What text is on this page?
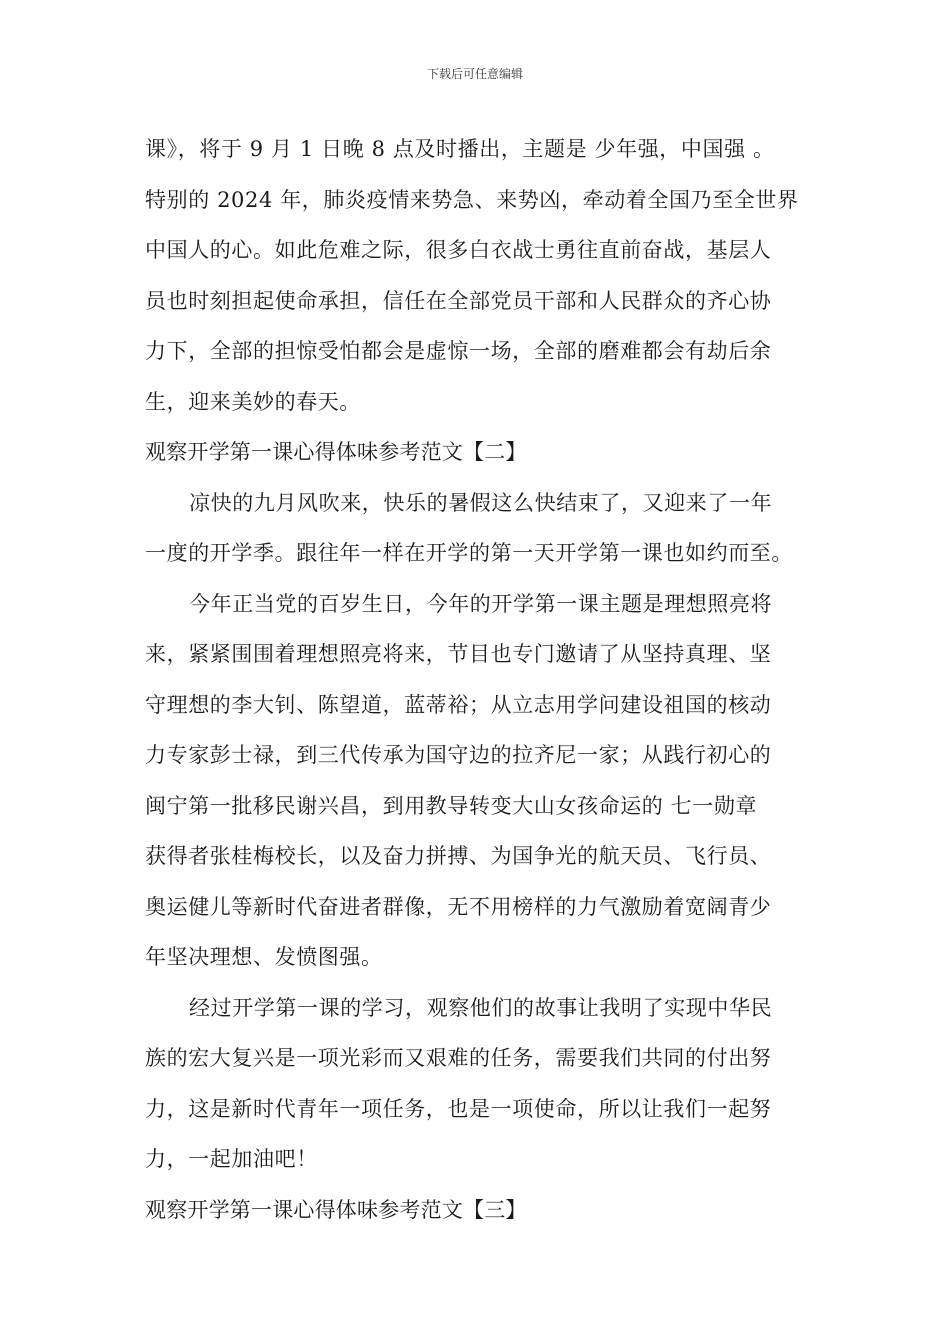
下载后可任意编辑
课》，将于 9 月 1 日晚 8 点及时播出，主题是 少年强，中国强 。
特别的 2024 年，肺炎疫情来势急、来势凶，牵动着全国乃至全世界
中国人的心。如此危难之际，很多白衣战士勇往直前奋战，基层人
员也时刻担起使命承担，信任在全部党员干部和人民群众的齐心协
力下，全部的担惊受怕都会是虚惊一场，全部的磨难都会有劫后余
生，迎来美妙的春天。
观察开学第一课心得体味参考范文【二】
凉快的九月风吹来，快乐的暑假这么快结束了，又迎来了一年
一度的开学季。跟往年一样在开学的第一天开学第一课也如约而至。
今年正当党的百岁生日，今年的开学第一课主题是理想照亮将
来，紧紧围围着理想照亮将来，节目也专门邀请了从坚持真理、坚
守理想的李大钊、陈望道，蓝蒂裕；从立志用学问建设祖国的核动
力专家彭士禄，到三代传承为国守边的拉齐尼一家；从践行初心的
闽宁第一批移民谢兴昌，到用教导转变大山女孩命运的 七一勋章
获得者张桂梅校长，以及奋力拼搏、为国争光的航天员、飞行员、
奥运健儿等新时代奋进者群像，无不用榜样的力气激励着宽阔青少
年坚决理想、发愤图强。
经过开学第一课的学习，观察他们的故事让我明了实现中华民
族的宏大复兴是一项光彩而又艰难的任务，需要我们共同的付出努
力，这是新时代青年一项任务，也是一项使命，所以让我们一起努
力，一起加油吧！
观察开学第一课心得体味参考范文【三】
